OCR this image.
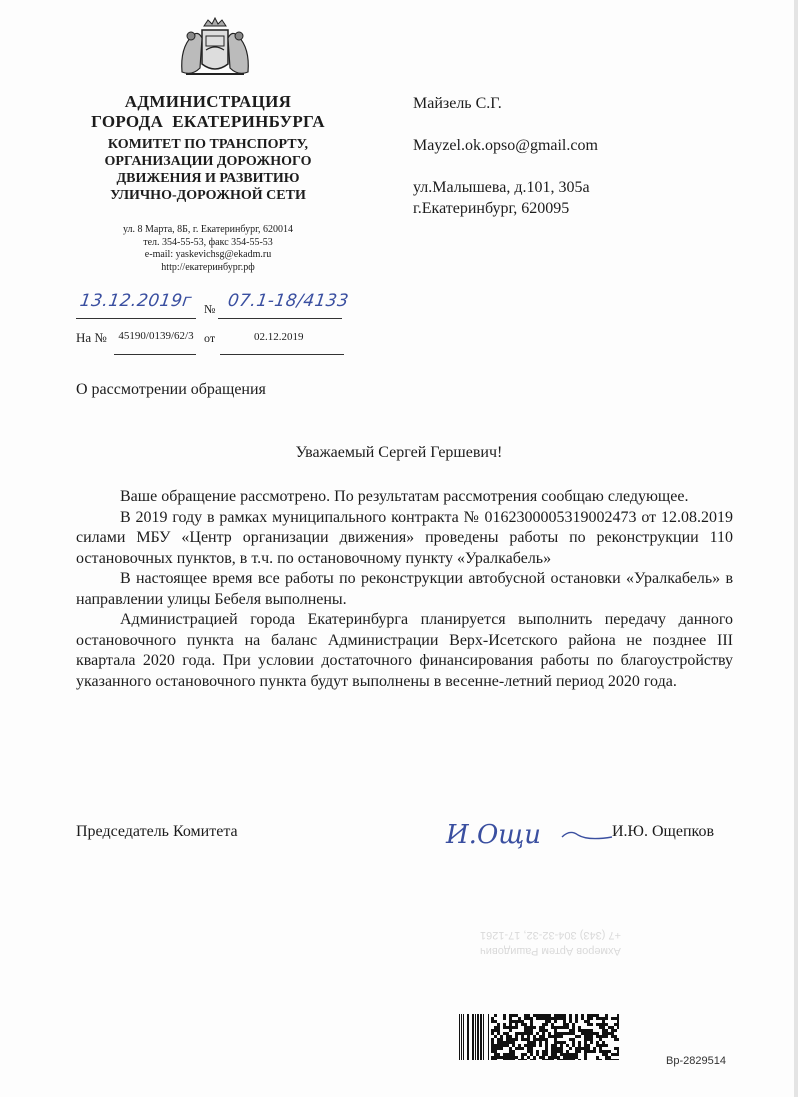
АДМИНИСТРАЦИЯ
ГОРОДА  ЕКАТЕРИНБУРГА
КОМИТЕТ ПО ТРАНСПОРТУ,
ОРГАНИЗАЦИИ ДОРОЖНОГО
ДВИЖЕНИЯ И РАЗВИТИЮ
УЛИЧНО-ДОРОЖНОЙ СЕТИ
ул. 8 Марта, 8Б, г. Екатеринбург, 620014
тел. 354-55-53, факс 354-55-53
e-mail: yaskevichsg@ekadm.ru
http://екатеринбург.рф
Майзель С.Г.
Mayzel.ok.opso@gmail.com
ул.Малышева, д.101, 305а
г.Екатеринбург, 620095
13.12.2019г № 07.1-18/4133
На №	45190/0139/62/3 от	02.12.2019
О рассмотрении обращения
Уважаемый Сергей Гершевич!

Ваше обращение рассмотрено. По результатам рассмотрения сообщаю следующее.

В 2019 году в рамках муниципального контракта № 0162300005319002473 от 12.08.2019 силами МБУ «Центр организации движения» проведены работы по реконструкции 110 остановочных пунктов, в т.ч. по остановочному пункту «Уралкабель»

В настоящее время все работы по реконструкции автобусной остановки «Уралкабель» в направлении улицы Бебеля выполнены.

Администрацией города Екатеринбурга планируется выполнить передачу данного остановочного пункта на баланс Администрации Верх-Исетского района не позднее III квартала 2020 года. При условии достаточного финансирования работы по благоустройству указанного остановочного пункта будут выполнены в весенне-летний период 2020 года.

Председатель Комитета	И.Ощи	И.Ю. Ощепков
Ахмеров Артем Рашидович
+7 (343) 304-32-32, 17-1261
Вр-2829514
